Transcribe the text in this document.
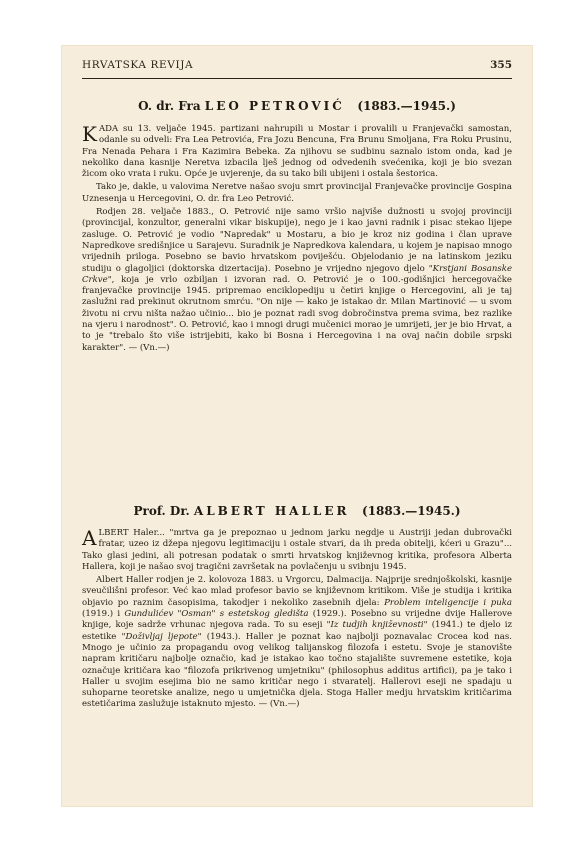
HRVATSKA REVIJA	355
O. dr. Fra LEO PETROVIĆ (1883.—1945.)

KADA su 13. veljače 1945. partizani nahrupili u Mostar i provalili u Franjevački samostan, odanle su odveli: Fra Lea Petrovića, Fra Jozu Bencuna, Fra Brunu Smoljana, Fra Roku Prusinu, Fra Nenada Pehara i Fra Kazimira Bebeka. Za njihovu se sudbinu saznalo istom onda, kad je nekoliko dana kasnije Neretva izbacila lješ jednog od odvedenih svećenika, koji je bio svezan žicom oko vrata i ruku. Opće je uvjerenje, da su tako bili ubijeni i ostala šestorica.

Tako je, dakle, u valovima Neretve našao svoju smrt provincijal Franjevačke provincije Gospina Uznesenja u Hercegovini, O. dr. fra Leo Petrović.

Rodjen 28. veljače 1883., O. Petrović nije samo vršio najviše dužnosti u svojoj provinciji (provincijal, konzultor, generalni vikar biskupije), nego je i kao javni radnik i pisac stekao lijepe zasluge. O. Petrović je vodio "Napredak" u Mostaru, a bio je kroz niz godina i član uprave Napredkove središnjice u Sarajevu. Suradnik je Napredkova kalendara, u kojem je napisao mnogo vrijednih priloga. Posebno se bavio hrvatskom poviješću. Objelodanio je na latinskom jeziku studiju o glagoljici (doktorska dizertacija). Posebno je vrijedno njegovo djelo "Krstjani Bosanske Crkve", koja je vrlo ozbiljan i izvoran rad. O. Petrović je o 100.-godišnjici hercegovačke franjevačke provincije 1945. pripremao enciklopediju u četiri knjige o Hercegovini, ali je taj zaslužni rad prekinut okrutnom smrću. "On nije — kako je istakao dr. Milan Martinović — u svom životu ni crvu ništa nažao učinio... bio je poznat radi svog dobročinstva prema svima, bez razlike na vjeru i narodnost". O. Petrović, kao i mnogi drugi mučenici morao je umrijeti, jer je bio Hrvat, a to je "trebalo što više istrijebiti, kako bi Bosna i Hercegovina i na ovaj način dobile srpski karakter". — (Vn.—)

Prof. Dr. ALBERT HALLER (1883.—1945.)

ALBERT Haler... "mrtva ga je prepoznao u jednom jarku negdje u Austriji jedan dubrovački fratar, uzeo iz džepa njegovu legitimaciju i ostale stvari, da ih preda obitelji, kćeri u Grazu"... Tako glasi jedini, ali potresan podatak o smrti hrvatskog književnog kritika, profesora Alberta Hallera, koji je našao svoj tragični završetak na povlačenju u svibnju 1945.

Albert Haller rodjen je 2. kolovoza 1883. u Vrgorcu, Dalmacija. Najprije srednjoškolski, kasnije sveučilišni profesor. Već kao mlad profesor bavio se književnom kritikom. Više je studija i kritika objavio po raznim časopisima, takodjer i nekoliko zasebnih djela: Problem inteligencije i puka (1919.) i Gundulićev "Osman" s estetskog gledišta (1929.). Posebno su vrijedne dvije Hallerove knjige, koje sadrže vrhunac njegova rada. To su eseji "Iz tudjih književnosti" (1941.) te djelo iz estetike "Doživljaj ljepote" (1943.). Haller je poznat kao najbolji poznavalac Crocea kod nas. Mnogo je učinio za propagandu ovog velikog talijanskog filozofa i estetu. Svoje je stanovište napram kritičaru najbolje označio, kad je istakao kao točno stajalište suvremene estetike, koja označuje kritičara kao "filozofa prikrivenog umjetniku" (philosophus additus artifici), pa je tako i Haller u svojim esejima bio ne samo kritičar nego i stvaratelj. Hallerovi eseji ne spadaju u suhoparne teoretske analize, nego u umjetnička djela. Stoga Haller medju hrvatskim kritičarima estetičarima zaslužuje istaknuto mjesto. — (Vn.—)
